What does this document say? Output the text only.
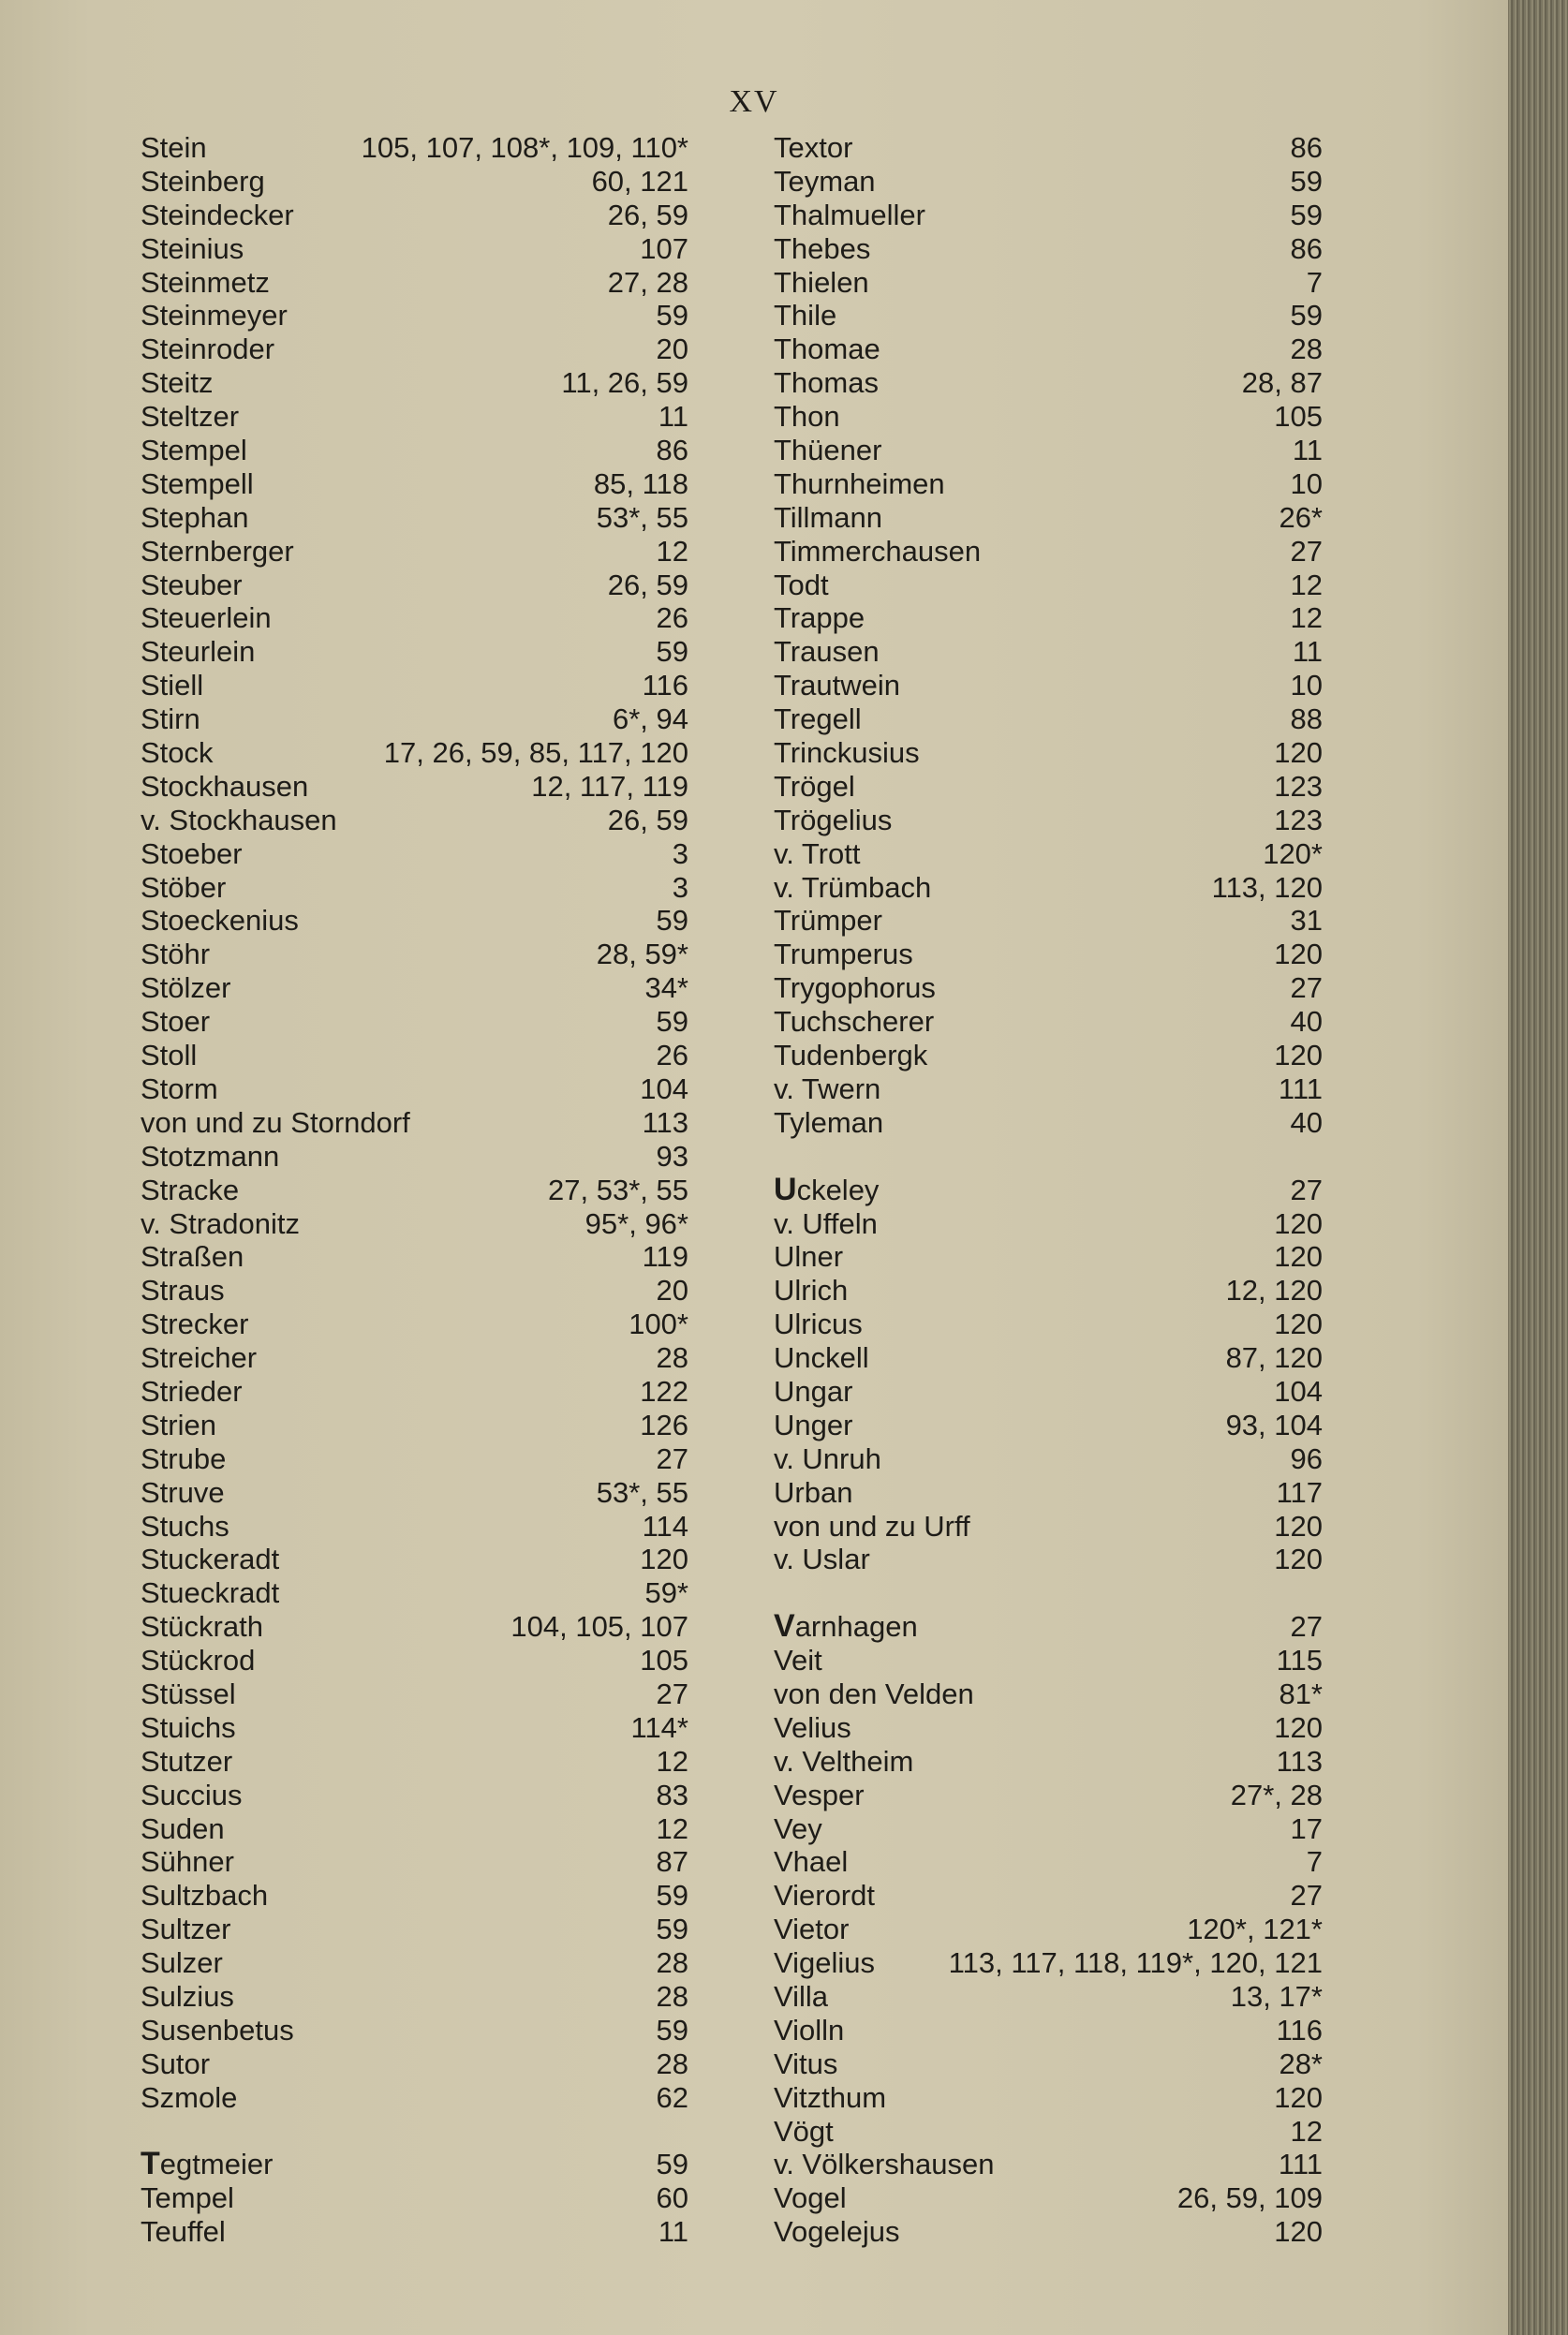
XV
Stein	105, 107, 108*, 109, 110*
Steinberg	60, 121
Steindecker	26, 59
Steinius	107
Steinmetz	27, 28
Steinmeyer	59
Steinroder	20
Steitz	11, 26, 59
Steltzer	11
Stempel	86
Stempell	85, 118
Stephan	53*, 55
Sternberger	12
Steuber	26, 59
Steuerlein	26
Steurlein	59
Stiell	116
Stirn	6*, 94
Stock	17, 26, 59, 85, 117, 120
Stockhausen	12, 117, 119
v. Stockhausen	26, 59
Stoeber	3
Stöber	3
Stoeckenius	59
Stöhr	28, 59*
Stölzer	34*
Stoer	59
Stoll	26
Storm	104
von und zu Storndorf	113
Stotzmann	93
Stracke	27, 53*, 55
v. Stradonitz	95*, 96*
Straßen	119
Straus	20
Strecker	100*
Streicher	28
Strieder	122
Strien	126
Strube	27
Struve	53*, 55
Stuchs	114
Stuckeradt	120
Stueckradt	59*
Stückrath	104, 105, 107
Stückrod	105
Stüssel	27
Stuichs	114*
Stutzer	12
Succius	83
Suden	12
Sühner	87
Sultzbach	59
Sultzer	59
Sulzer	28
Sulzius	28
Susenbetus	59
Sutor	28
Szmole	62
Tegtmeier	59
Tempel	60
Teuffel	11
Textor	86
Teyman	59
Thalmueller	59
Thebes	86
Thielen	7
Thile	59
Thomae	28
Thomas	28, 87
Thon	105
Thüener	11
Thurnheimen	10
Tillmann	26*
Timmerchausen	27
Todt	12
Trappe	12
Trausen	11
Trautwein	10
Tregell	88
Trinckusius	120
Trögel	123
Trögelius	123
v. Trott	120*
v. Trümbach	113, 120
Trümper	31
Trumperus	120
Trygophorus	27
Tuchscherer	40
Tudenbergk	120
v. Twern	111
Tyleman	40
Uckeley	27
v. Uffeln	120
Ulner	120
Ulrich	12, 120
Ulricus	120
Unckell	87, 120
Ungar	104
Unger	93, 104
v. Unruh	96
Urban	117
von und zu Urff	120
v. Uslar	120
Varnhagen	27
Veit	115
von den Velden	81*
Velius	120
v. Veltheim	113
Vesper	27*, 28
Vey	17
Vhael	7
Vierordt	27
Vietor	120*, 121*
Vigelius	113, 117, 118, 119*, 120, 121
Villa	13, 17*
Violln	116
Vitus	28*
Vitzthum	120
Vögt	12
v. Völkershausen	111
Vogel	26, 59, 109
Vogelejus	120
